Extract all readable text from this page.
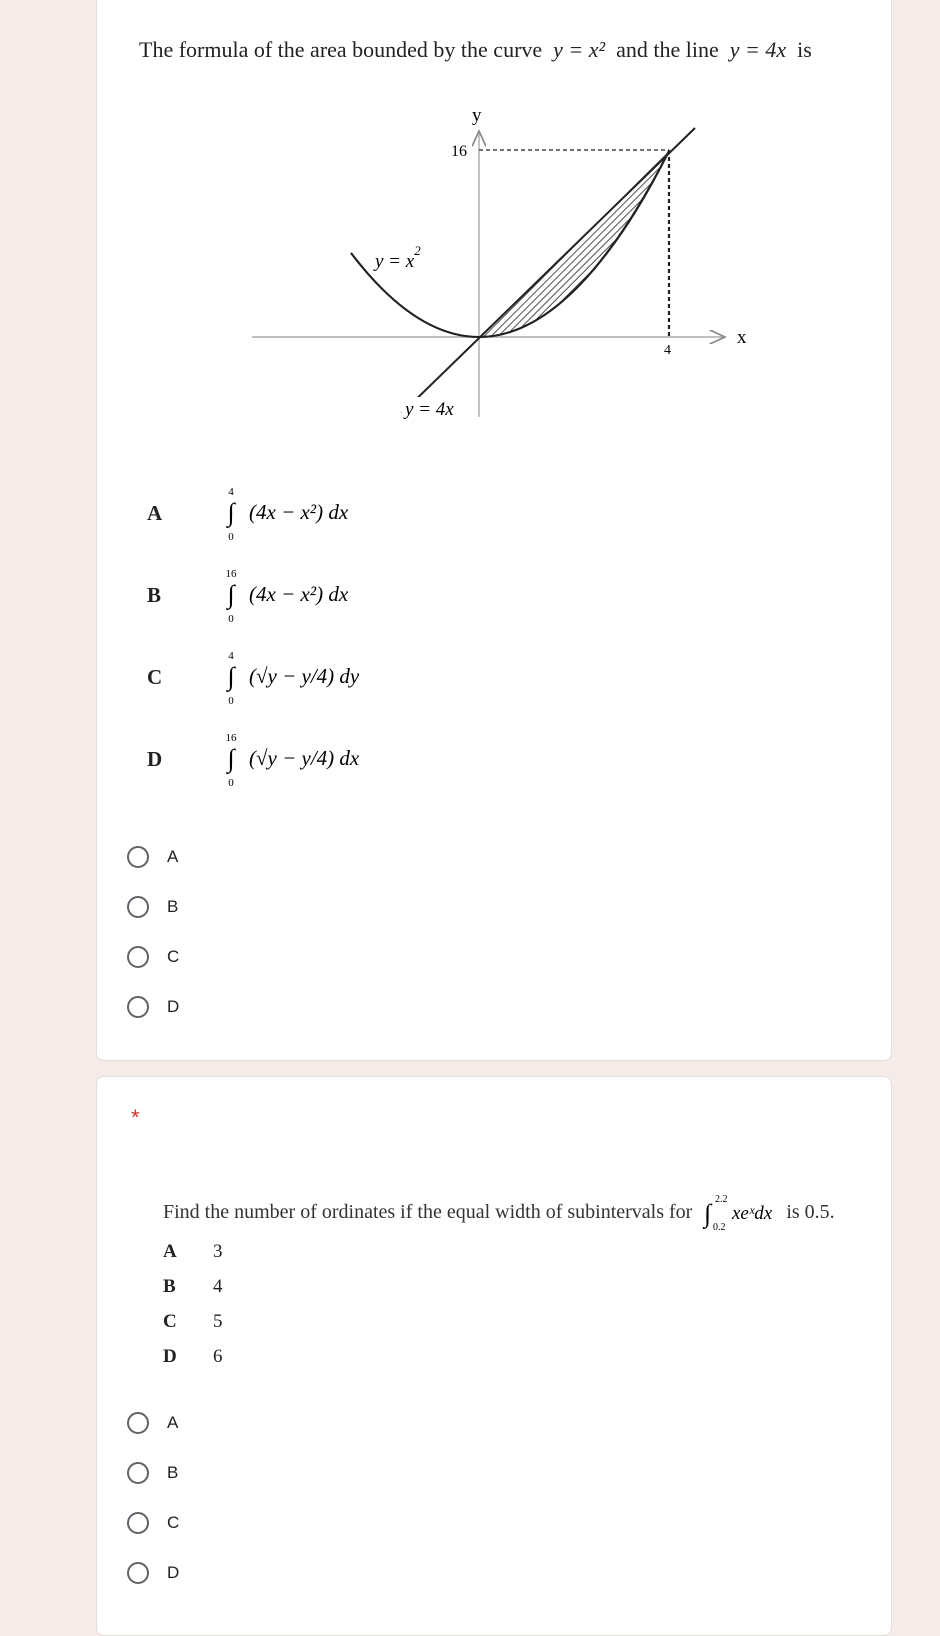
The formula of the area bounded by the curve y = x² and the line y = 4x is
x
y
16
4
$y = x^2$
y = 4x
A
4
∫
0
(4x − x²) dx
B
16
∫
0
(4x − x²) dx
C
4
∫
0
(√y − y/4) dy
D
16
∫
0
(√y − y/4) dx
A
B
C
D
*
Find the number of ordinates if the equal width of subintervals for ∫ 2.2
0.2
xeˣdx is 0.5.
A	3
B	4
C	5
D	6
A
B
C
D
